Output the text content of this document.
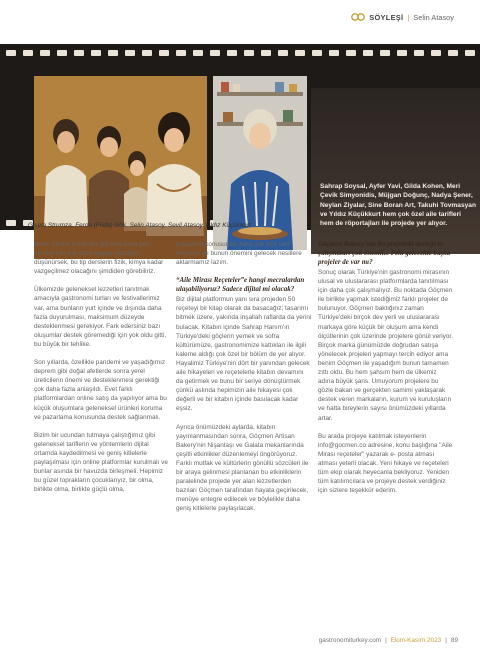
SÖYLEŞİ | Selin Atasoy
Sahrap Soysal, Ayfer Yavi, Gilda Kohen, Meri Çevik Simyonidis, Müjgan Doğunç, Nadya Şener, Neylan Ziyalar, Sine Boran Art, Takuhi Tovmasyan ve Yıldız Küçükkurt hem çok özel aile tarifleri hem de röportajları ile projede yer alıyor.
Gisela Strumza, Ferda (Frida) Gök, Selin Atasoy, Sevil Atasoy Yıldız Küçükkurt

tarım, üretim imkanları gibi konuların yeni nesiller için çok daha hayati olacağını düşünürsek, bu tip derslerin fizik, kimya kadar vazgeçilmez olacağını şimdiden görebiliriz.

Ülkemizde geleneksel lezzetleri tanıtmak amacıyla gastronomi turları ve festivallerimiz var, ama bunların yurt içinde ve dışında daha fazla duyurulması, maksimum düzeyde desteklenmesi gerekiyor. Fark edersiniz bazı oluşumlar destek göremediği için yok oldu gitti, bu büyük bir tehlike.

Son yıllarda, özellikle pandemi ve yaşadığımız deprem gibi doğal afetlerde sonra yerel üreticilerin önemi ve desteklenmesi gerektiği çok daha fazla anlaşıldı. Evet farklı platformlardan online satış da yapılıyor ama bu küçük oluşumlara geleneksel ürünleri koruma ve pazarlama konusunda destek sağlanmalı.

Bizim bir ucundan tutmaya çalıştığımız gibi geleneksel tariflerin ve yöntemlerin dijital ortamda kaydedilmesi ve geniş kitlelerle paylaşılması için online platformlar kurulmalı ve bunlar asında bir havuzda birleşmeli. Hepimiz bu güzel toprakların çocuklarıyız, bir olma, birlikte olma, birlikte güçlü olma,

paylaşma konusunda daha çok efor sarf etmemiz ve bunun önemini gelecek nesillere aktarmamız lazım.

“Aile Mirası Reçeteler”e hangi mecralardan ulaşabiliyoruz? Sadece dijital mi olacak?

Biz dijital platformun yanı sıra projeden 50 reçeteyi bir kitap olarak da basacağız; tasarımı bitmek üzere, yakında inşallah raflarda da yerini bulacak. Kitabın içinde Sahrap Hanım'ın Türkiye'deki göçlerin yemek ve sofra kültürümüze, gastronomimize kattıkları ile ilgili kaleme aldığı çok özel bir bölüm de yer alıyor. Hayalimiz Türkiye'nin dört bir yanından gelecek aile hikayeleri ve reçetelerle kitabın devamını da getirmek ve bunu bir seriye dönüştürmek çünkü aslında hepimizin aile hikayesi çok değerli ve bir kitabın içinde basılacak kadar eşsiz.

Ayrıca önümüzdeki aylarda, kitabın yayınlanmasından sonra, Göçmen Artisan Bakery'nin Nişantaşı ve Galata mekanlarında çeşitli etkinlikler düzenlemeyi öngörüyoruz. Farklı mutfak ve kültürlerin gönüllü sözcüleri ile bir araya gelinmesi planlanan bu etkinliklerin paralelinde projede yer alan lezzetlerden bazıları Göçmen tarafından hayata geçirilecek, menüye entegre edilecek ve böylelikle daha geniş kitlelerle paylaşılacak.

Göçmen Bakery'nin bu projedeki desteği ve çalışmaları çok önemli... Peki gelecekte başka projeler de var mı?

Sonuç olarak Türkiye'nin gastronomi mirasının ulusal ve uluslararası platformlarda tanıtılması için daha çok çalışmalıyız. Bu noktada Göçmen ile birlikte yapmak istediğimiz farklı projeler de bulunuyor. Göçmen baktığınız zaman Türkiye'deki birçok dev yerli ve uluslararası markaya göre küçük bir oluşum ama kendi ölçütlerinin çok üzerinde projelere gönül veriyor. Birçok marka günümüzde doğrudan satışa yönelecek projeleri yapmayı tercih ediyor ama benim Göçmen ile yaşadığım bunun tamamen zıttı oldu. Bu hem şahsım hem de ülkemiz adına büyük şans. Umuyorum projelere bu gözle bakan ve gerçekten samimi yaklaşarak destek veren markaların, kurum ve kuruluşların ve hatta bireylerin sayısı önümüzdeki yıllarda artar.

Bu arada projeye katılmak isteyenlerin info@gocmen.co adresine, konu başlığına "Aile Mirası reçeteler" yazarak e- posta atması atması yeterli olacak. Yeni hikaye ve reçeteleri tüm ekip olarak heyecanla bekliyoruz. Yeniden tüm katılımcılara ve projeye destek verdiğiniz için sizlere teşekkür ederim.

gastronomiturkey.com | Ekim-Kasım 2023 | 89
